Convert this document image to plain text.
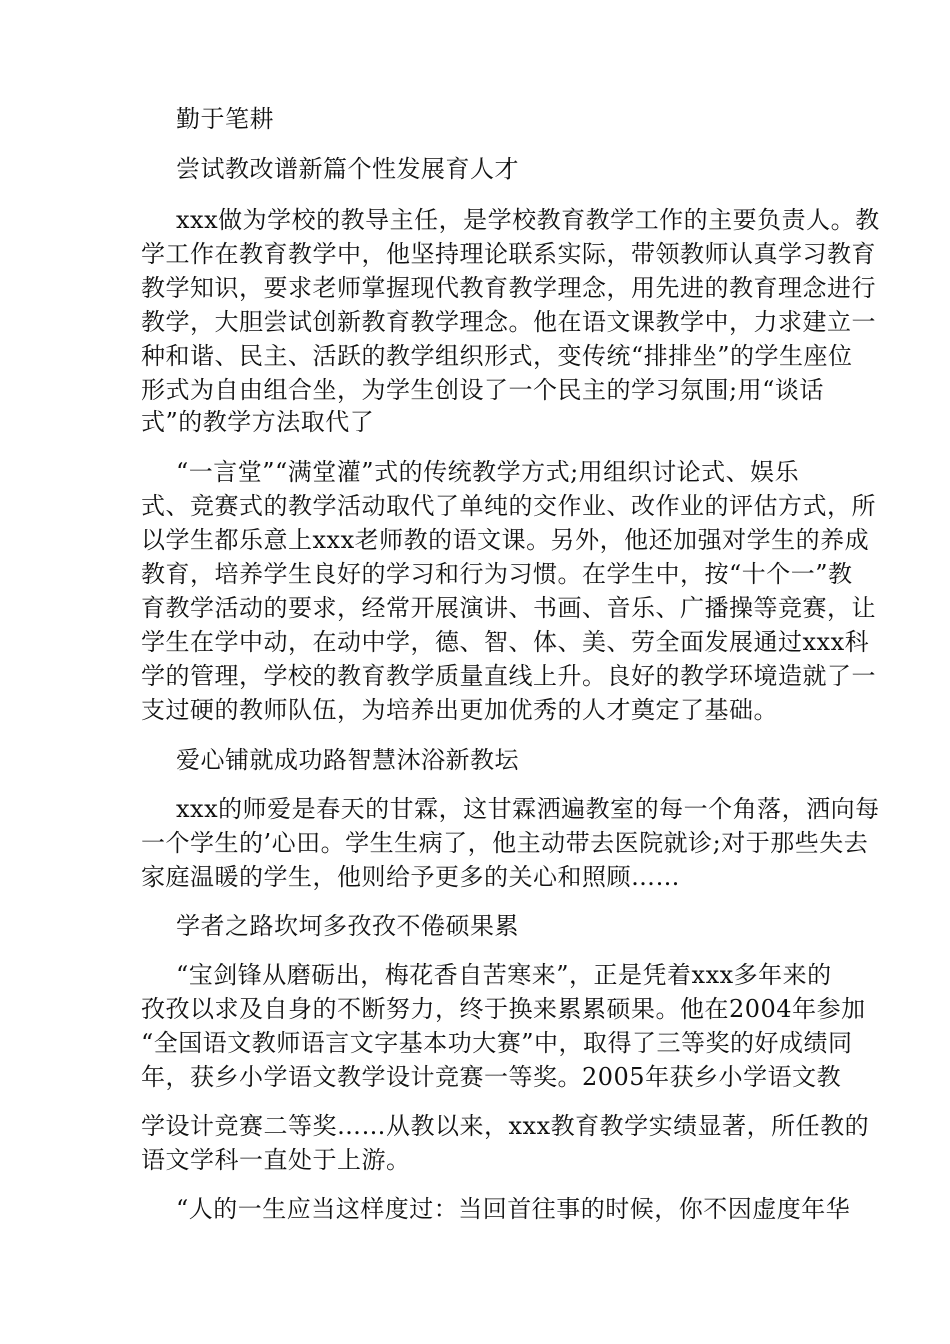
勤于笔耕
尝试教改谱新篇个性发展育人才
xxx做为学校的教导主任，是学校教育教学工作的主要负责人。教
学工作在教育教学中，他坚持理论联系实际，带领教师认真学习教育
教学知识，要求老师掌握现代教育教学理念，用先进的教育理念进行
教学，大胆尝试创新教育教学理念。他在语文课教学中，力求建立一
种和谐、民主、活跃的教学组织形式，变传统“排排坐”的学生座位
形式为自由组合坐，为学生创设了一个民主的学习氛围;用“谈话
式”的教学方法取代了
“一言堂”“满堂灌”式的传统教学方式;用组织讨论式、娱乐
式、竞赛式的教学活动取代了单纯的交作业、改作业的评估方式，所
以学生都乐意上xxx老师教的语文课。另外，他还加强对学生的养成
教育，培养学生良好的学习和行为习惯。在学生中，按“十个一”教
育教学活动的要求，经常开展演讲、书画、音乐、广播操等竞赛，让
学生在学中动，在动中学，德、智、体、美、劳全面发展通过xxx科
学的管理，学校的教育教学质量直线上升。良好的教学环境造就了一
支过硬的教师队伍，为培养出更加优秀的人才奠定了基础。
爱心铺就成功路智慧沐浴新教坛
xxx的师爱是春天的甘霖，这甘霖洒遍教室的每一个角落，洒向每
一个学生的’心田。学生生病了，他主动带去医院就诊;对于那些失去
家庭温暖的学生，他则给予更多的关心和照顾……
学者之路坎坷多孜孜不倦硕果累
“宝剑锋从磨砺出，梅花香自苦寒来”，正是凭着xxx多年来的
孜孜以求及自身的不断努力，终于换来累累硕果。他在2004年参加
“全国语文教师语言文字基本功大赛”中，取得了三等奖的好成绩同
年，获乡小学语文教学设计竞赛一等奖。2005年获乡小学语文教
学设计竞赛二等奖……从教以来，xxx教育教学实绩显著，所任教的
语文学科一直处于上游。
“人的一生应当这样度过：当回首往事的时候，你不因虚度年华
